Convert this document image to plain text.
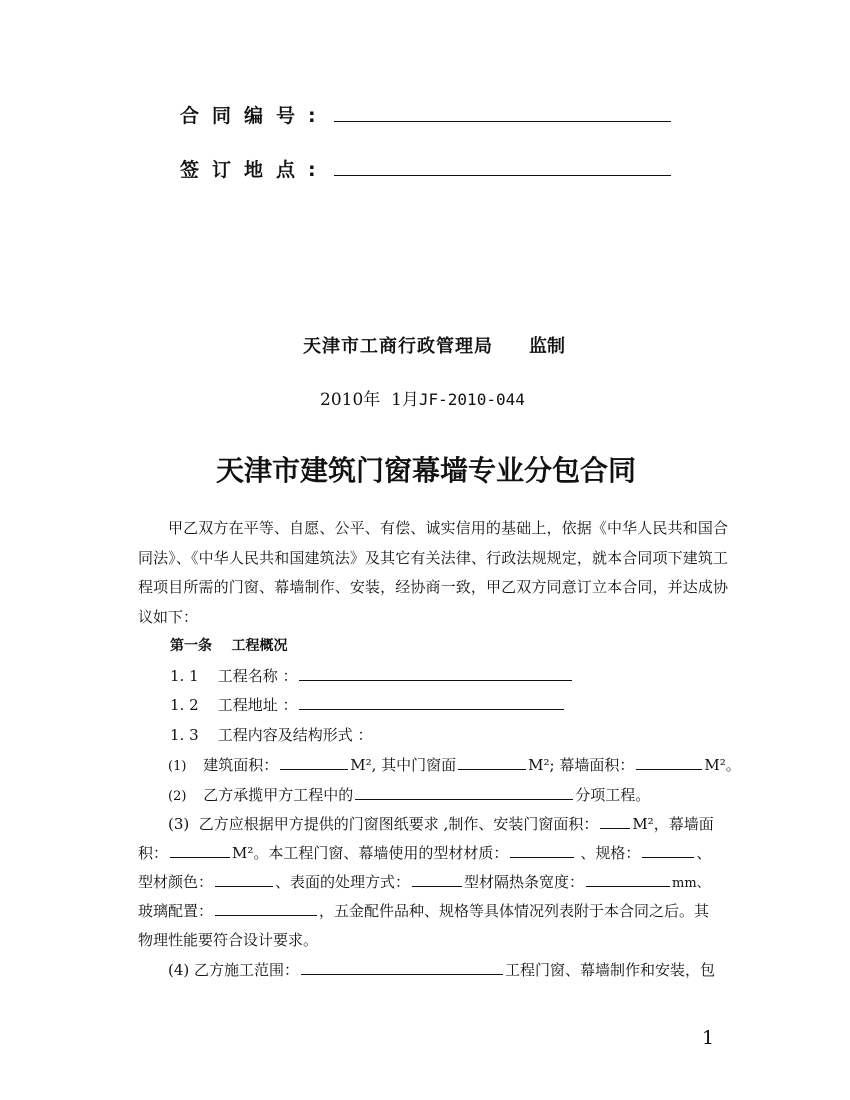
合同编号:
签订地点:
天津市工商行政管理局 监制
2010年  1月JF-2010-044
天津市建筑门窗幕墙专业分包合同
甲乙双方在平等、自愿、公平、有偿、诚实信用的基础上，依据《中华人民共和国合同法》、《中华人民共和国建筑法》及其它有关法律、行政法规规定，就本合同项下建筑工程项目所需的门窗、幕墙制作、安装，经协商一致，甲乙双方同意订立本合同，并达成协议如下：
第一条    工程概况
1. 1    工程名称 ：
1. 2    工程地址 ：
1. 3    工程内容及结构形式 ：
(1) 建筑面积：	M², 其中门窗面	M²; 幕墙面积：	M²。
(2) 乙方承揽甲方工程中的	分项工程。
(3)  乙方应根据甲方提供的门窗图纸要求 ,制作、安装门窗面积： M²，幕墙面
积：	M²。本工程门窗、幕墙使用的型材材质：	、规格：	、
型材颜色：	、表面的处理方式：	型材隔热条宽度：	mm、
玻璃配置：	，五金配件品种、规格等具体情况列表附于本合同之后。其
物理性能要符合设计要求。
(4) 乙方施工范围：	工程门窗、幕墙制作和安装，包
1
